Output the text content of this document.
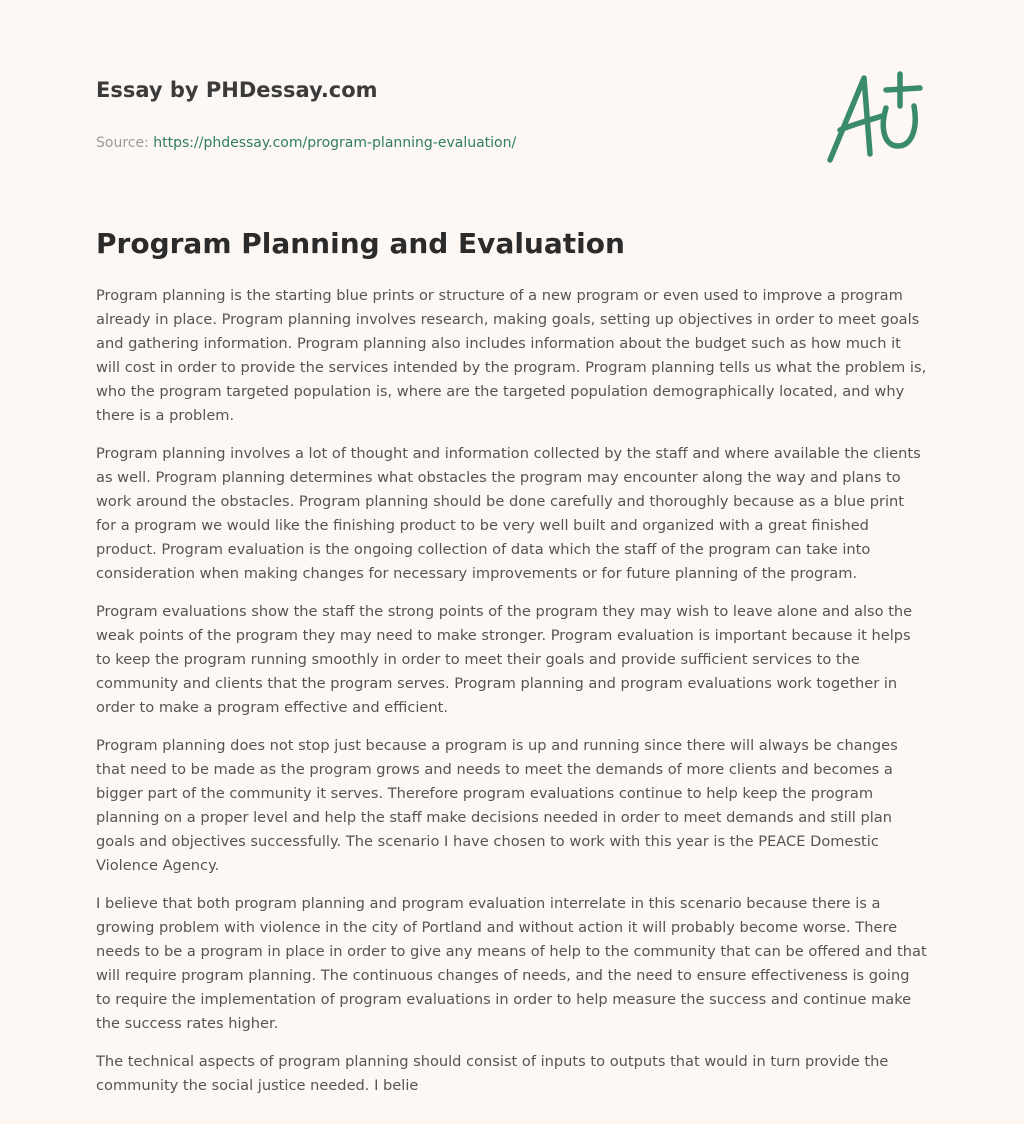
Essay by PHDessay.com
Source: https://phdessay.com/program-planning-evaluation/
Program Planning and Evaluation

Program planning is the starting blue prints or structure of a new program or even used to improve a program already in place. Program planning involves research, making goals, setting up objectives in order to meet goals and gathering information. Program planning also includes information about the budget such as how much it will cost in order to provide the services intended by the program. Program planning tells us what the problem is, who the program targeted population is, where are the targeted population demographically located, and why there is a problem.

Program planning involves a lot of thought and information collected by the staff and where available the clients as well. Program planning determines what obstacles the program may encounter along the way and plans to work around the obstacles. Program planning should be done carefully and thoroughly because as a blue print for a program we would like the finishing product to be very well built and organized with a great finished product. Program evaluation is the ongoing collection of data which the staff of the program can take into consideration when making changes for necessary improvements or for future planning of the program.

Program evaluations show the staff the strong points of the program they may wish to leave alone and also the weak points of the program they may need to make stronger. Program evaluation is important because it helps to keep the program running smoothly in order to meet their goals and provide sufficient services to the community and clients that the program serves. Program planning and program evaluations work together in order to make a program effective and efficient.

Program planning does not stop just because a program is up and running since there will always be changes that need to be made as the program grows and needs to meet the demands of more clients and becomes a bigger part of the community it serves. Therefore program evaluations continue to help keep the program planning on a proper level and help the staff make decisions needed in order to meet demands and still plan goals and objectives successfully. The scenario I have chosen to work with this year is the PEACE Domestic Violence Agency.

I believe that both program planning and program evaluation interrelate in this scenario because there is a growing problem with violence in the city of Portland and without action it will probably become worse. There needs to be a program in place in order to give any means of help to the community that can be offered and that will require program planning. The continuous changes of needs, and the need to ensure effectiveness is going to require the implementation of program evaluations in order to help measure the success and continue make the success rates higher.

The technical aspects of program planning should consist of inputs to outputs that would in turn provide the community the social justice needed. I belie
